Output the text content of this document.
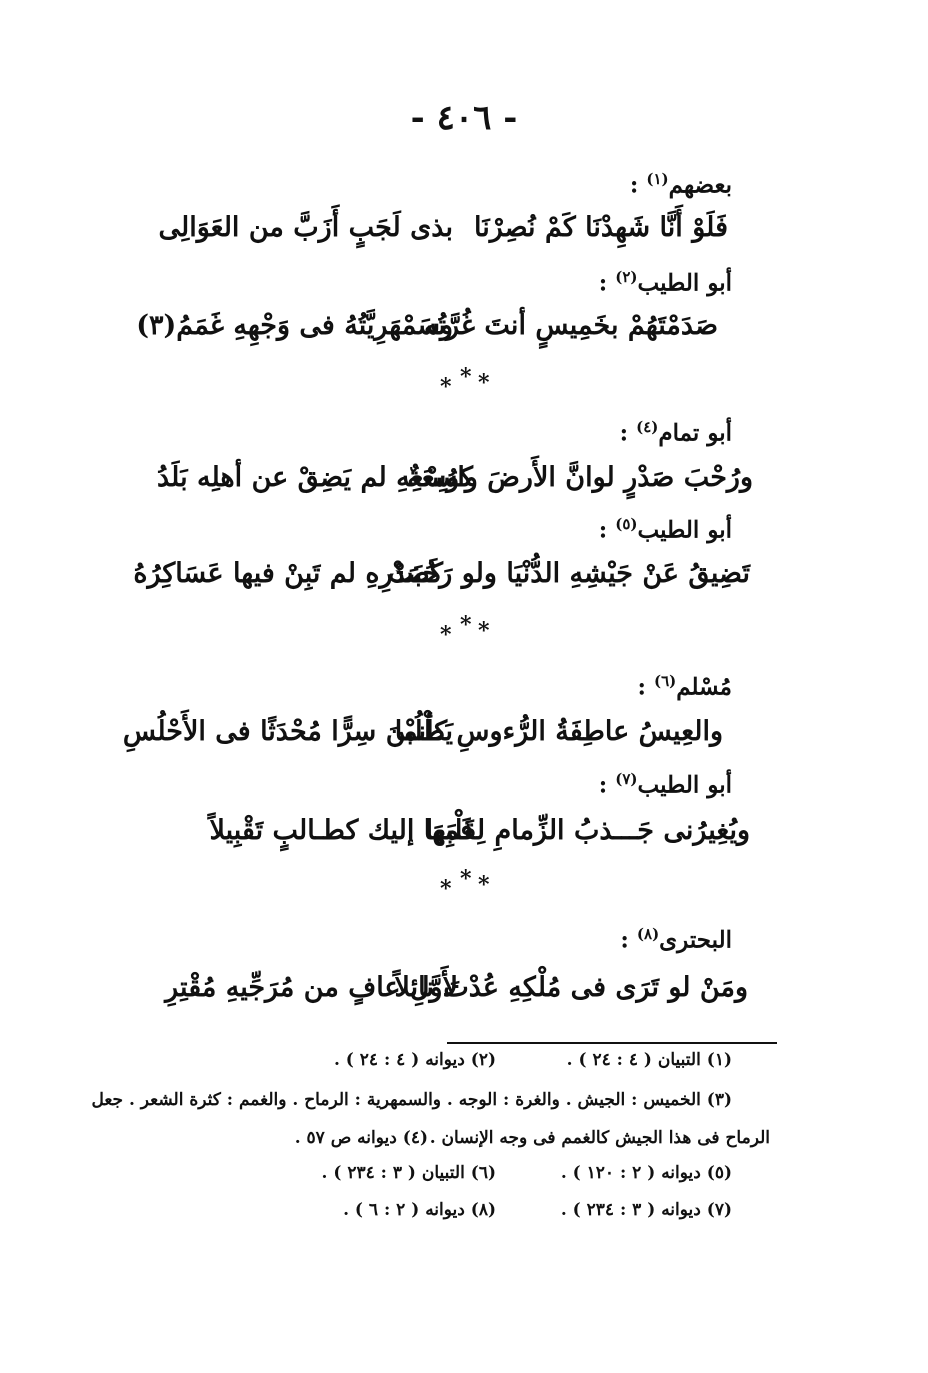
- ٤٠٦ -
بعضهم$^{(١)}$ :
فَلَوْ أَنَّا شَهِدْنَا كَمْ نُصِرْنَا
بذى لَجَبٍ أَزَبَّ من العَوَالِى
أبو الطيب$^{(٢)}$ :
صَدَمْتَهُمْ بخَمِيسٍ أنتَ غُرَّتُه
وسَمْهَرِيَّتُهُ فى وَجْهِهِ غَمَمُ(٣)
* * *
أبو تمام$^{(٤)}$ :
ورُحْبَ صَدْرٍ لوانَّ الأَرضَ واسِعَةٌ
كوُسْعِهِ لم يَضِقْ عن أهلِه بَلَدُ
أبو الطيب$^{(٥)}$ :
تَضِيقُ عَنْ جَيْشِهِ الدُّنْيَا ولو رَحُبَتْ
كَصَدْرِهِ لم تَبِنْ فيها عَسَاكِرُهُ
* * *
مُسْلم$^{(٦)}$ :
والعِيسُ عاطِفَةُ الرُّءوسِ كأنما
يَطْلُبْنَ سِرًّا مُحْدَثًا فى الأَحْلُسِ
أبو الطيب$^{(٧)}$ :
ويُغِيرُنى جَـــذبُ الزِّمامِ لِقَلْبِها
فَمَهَا إليك كطـالبٍ تَقْبِيلاً
* * *
البحترى$^{(٨)}$ :
ومَنْ لو تَرَى فى مُلْكِهِ عُدْتَ نائلاً
لأَوَّلِ عافٍ من مُرَجِّيهِ مُقْتِرِ
(١) التبيان ( ٤ : ٢٤ ) .
(٢) ديوانه ( ٤ : ٢٤ ) .
(٣) الخميس : الجيش . والغرة : الوجه . والسمهرية : الرماح . والغمم : كثرة الشعر . جعل
الرماح فى هذا الجيش كالغمم فى وجه الإنسان .
(٤) ديوانه ص ٥٧ .
(٥) ديوانه ( ٢ : ١٢٠ ) .
(٦) التبيان ( ٣ : ٢٣٤ ) .
(٧) ديوانه ( ٣ : ٢٣٤ ) .
(٨) ديوانه ( ٢ : ٦ ) .
